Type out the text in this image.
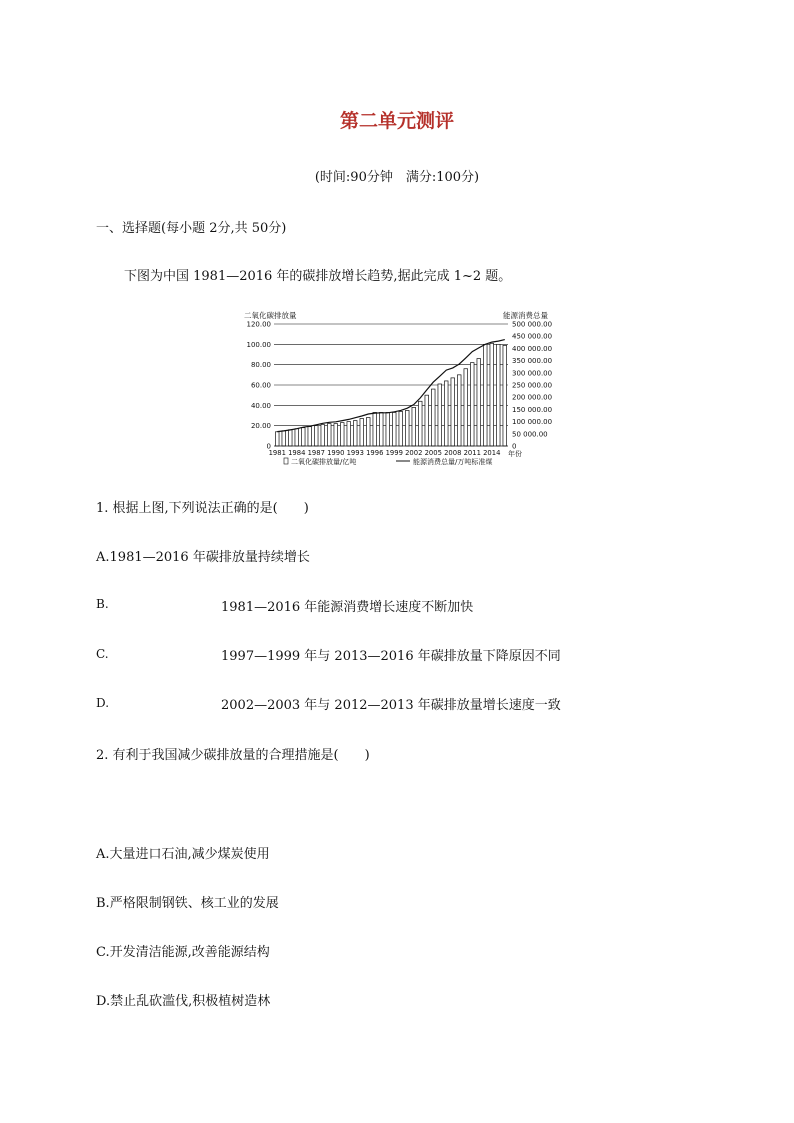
第二单元测评
(时间:90分钟　满分:100分)
一、选择题(每小题 2分,共 50分)
下图为中国 1981—2016 年的碳排放增长趋势,据此完成 1~2 题。
二氧化碳排放量	能源消费总量
0
20.00
40.00
60.00
80.00
100.00
120.00
0
50 000.00
100 000.00
150 000.00
200 000.00
250 000.00
300 000.00
350 000.00
400 000.00
450 000.00
500 000.00
1981 1984 1987 1990 1993 1996 1999 2002 2005 2008 2011 2014 年份
二氧化碳排放量/亿吨	能源消费总量/万吨标准煤
1. 根据上图,下列说法正确的是(　　)
A.1981—2016 年碳排放量持续增长
B.	1981—2016 年能源消费增长速度不断加快
C.	1997—1999 年与 2013—2016 年碳排放量下降原因不同
D.	2002—2003 年与 2012—2013 年碳排放量增长速度一致
2. 有利于我国减少碳排放量的合理措施是(　　)
A.大量进口石油,减少煤炭使用
B.严格限制钢铁、核工业的发展
C.开发清洁能源,改善能源结构
D.禁止乱砍滥伐,积极植树造林
